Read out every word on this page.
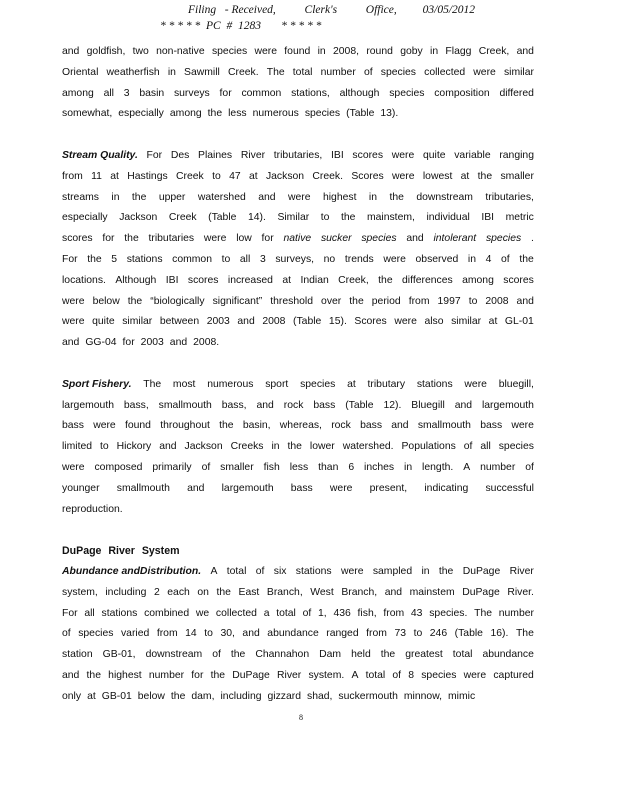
Filing   - Received,          Clerk's          Office,         03/05/2012
* * * * *  PC  #  1283       * * * * *
and goldfish, two non-native species were found in 2008, round goby in Flagg Creek, and
Oriental weatherfish in Sawmill Creek. The total number of species collected were similar
among all 3 basin surveys for common stations, although species composition differed
somewhat, especially among the less numerous species (Table 13).
Stream Quality. For Des Plaines River tributaries, IBI scores were quite variable ranging
from 11 at Hastings Creek to 47 at Jackson Creek. Scores were lowest at the smaller
streams in the upper watershed and were highest in the downstream tributaries,
especially Jackson Creek (Table 14). Similar to the mainstem, individual IBI metric
scores for the tributaries were low for native sucker species and intolerant species .
For the 5 stations common to all 3 surveys, no trends were observed in 4 of the
locations. Although IBI scores increased at Indian Creek, the differences among scores
were below the “biologically significant” threshold over the period from 1997 to 2008 and
were quite similar between 2003 and 2008 (Table 15). Scores were also similar at GL-01
and GG-04 for 2003 and 2008.
Sport Fishery. The most numerous sport species at tributary stations were bluegill,
largemouth bass, smallmouth bass, and rock bass (Table 12). Bluegill and largemouth
bass were found throughout the basin, whereas, rock bass and smallmouth bass were
limited to Hickory and Jackson Creeks in the lower watershed. Populations of all species
were composed primarily of smaller fish less than 6 inches in length. A number of
younger smallmouth and largemouth bass were present, indicating successful
reproduction.
DuPage River System
Abundance andDistribution. A total of six stations were sampled in the DuPage River
system, including 2 each on the East Branch, West Branch, and mainstem DuPage River.
For all stations combined we collected a total of 1, 436 fish, from 43 species. The number
of species varied from 14 to 30, and abundance ranged from 73 to 246 (Table 16). The
station GB-01, downstream of the Channahon Dam held the greatest total abundance
and the highest number for the DuPage River system. A total of 8 species were captured
only at GB-01 below the dam, including gizzard shad, suckermouth minnow, mimic
8
